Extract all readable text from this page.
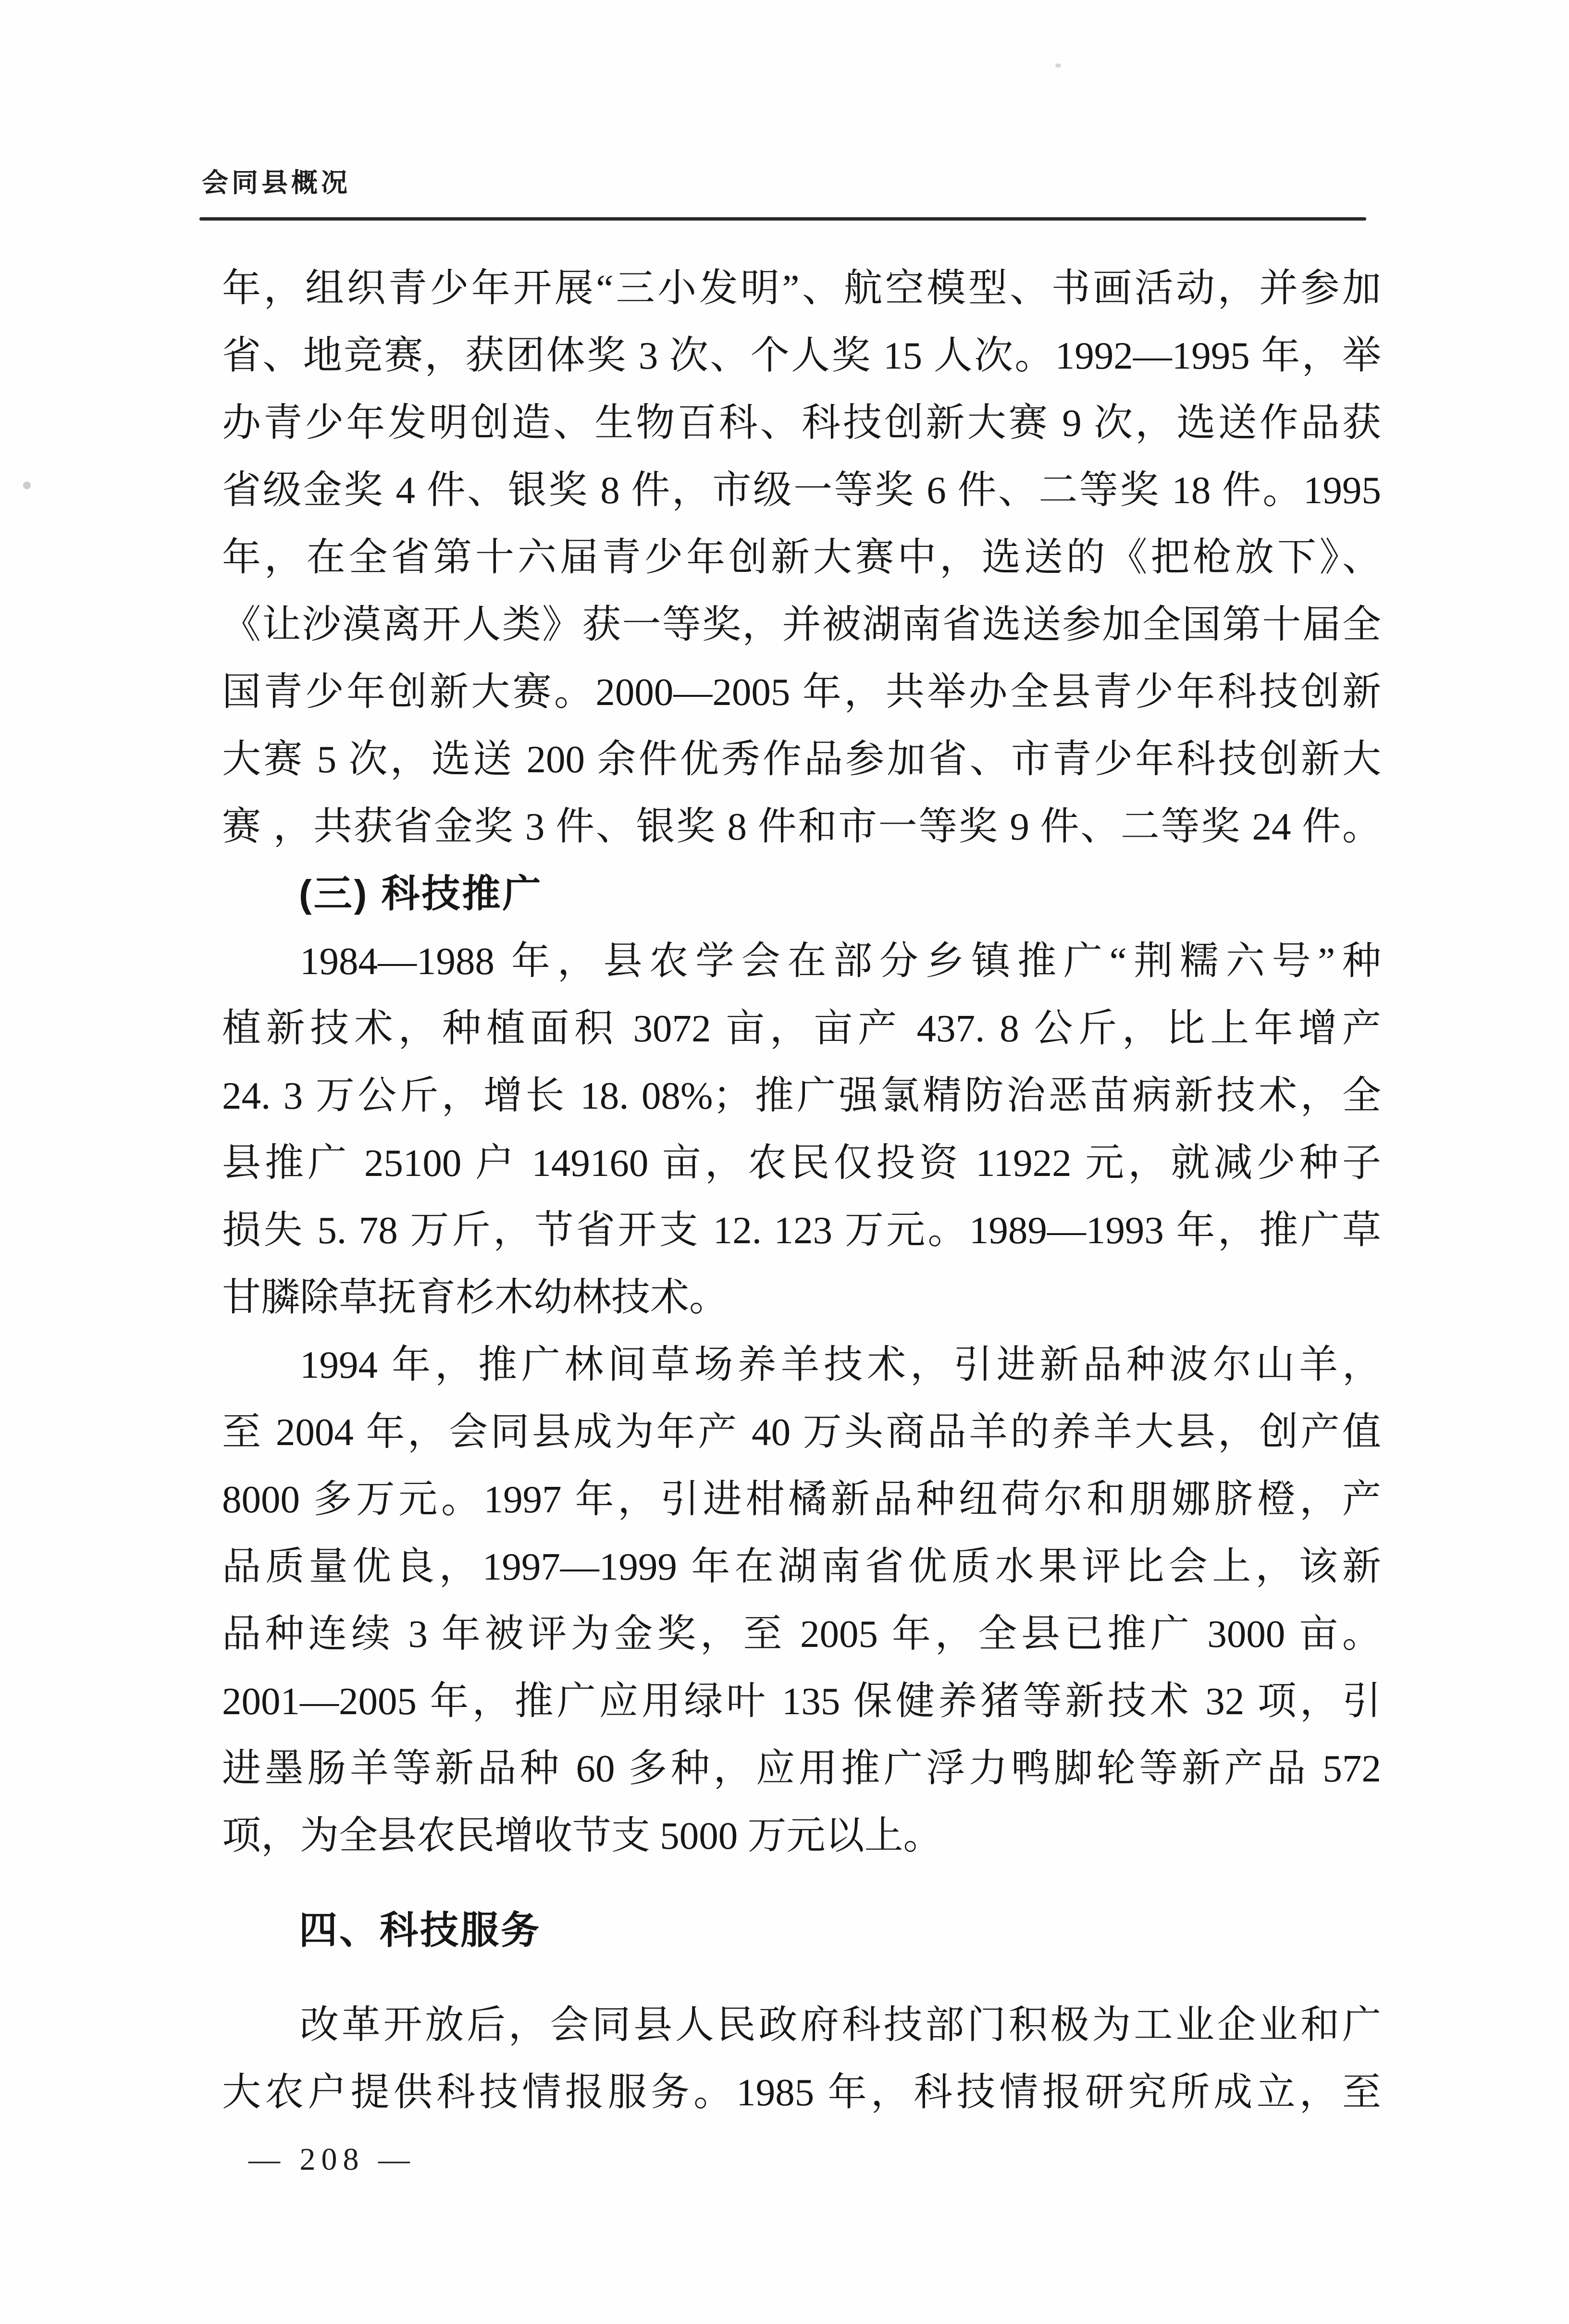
会同县概况
年，组织青少年开展“三小发明”、航空模型、书画活动，并参加
省、地竞赛，获团体奖 3 次、个人奖 15 人次。1992—1995 年，举
办青少年发明创造、生物百科、科技创新大赛 9 次，选送作品获
省级金奖 4 件、银奖 8 件，市级一等奖 6 件、二等奖 18 件。1995
年，在全省第十六届青少年创新大赛中，选送的《把枪放下》、
《让沙漠离开人类》获一等奖，并被湖南省选送参加全国第十届全
国青少年创新大赛。2000—2005 年，共举办全县青少年科技创新
大赛 5 次，选送 200 余件优秀作品参加省、市青少年科技创新大
赛 ，共获省金奖 3 件、银奖 8 件和市一等奖 9 件、二等奖 24 件。
(三) 科技推广
1984—1988 年，县农学会在部分乡镇推广“荆糯六号”种
植新技术，种植面积 3072 亩，亩产 437. 8 公斤，比上年增产
24. 3 万公斤，增长 18. 08%；推广强氯精防治恶苗病新技术，全
县推广 25100 户 149160 亩，农民仅投资 11922 元，就减少种子
损失 5. 78 万斤，节省开支 12. 123 万元。1989—1993 年，推广草
甘膦除草抚育杉木幼林技术。
1994 年，推广林间草场养羊技术，引进新品种波尔山羊，
至 2004 年，会同县成为年产 40 万头商品羊的养羊大县，创产值
8000 多万元。1997 年，引进柑橘新品种纽荷尔和朋娜脐橙，产
品质量优良，1997—1999 年在湖南省优质水果评比会上，该新
品种连续 3 年被评为金奖，至 2005 年，全县已推广 3000 亩。
2001—2005 年，推广应用绿叶 135 保健养猪等新技术 32 项，引
进墨肠羊等新品种 60 多种，应用推广浮力鸭脚轮等新产品 572
项，为全县农民增收节支 5000 万元以上。
四、科技服务
改革开放后，会同县人民政府科技部门积极为工业企业和广
大农户提供科技情报服务。1985 年，科技情报研究所成立，至
— 208 —
